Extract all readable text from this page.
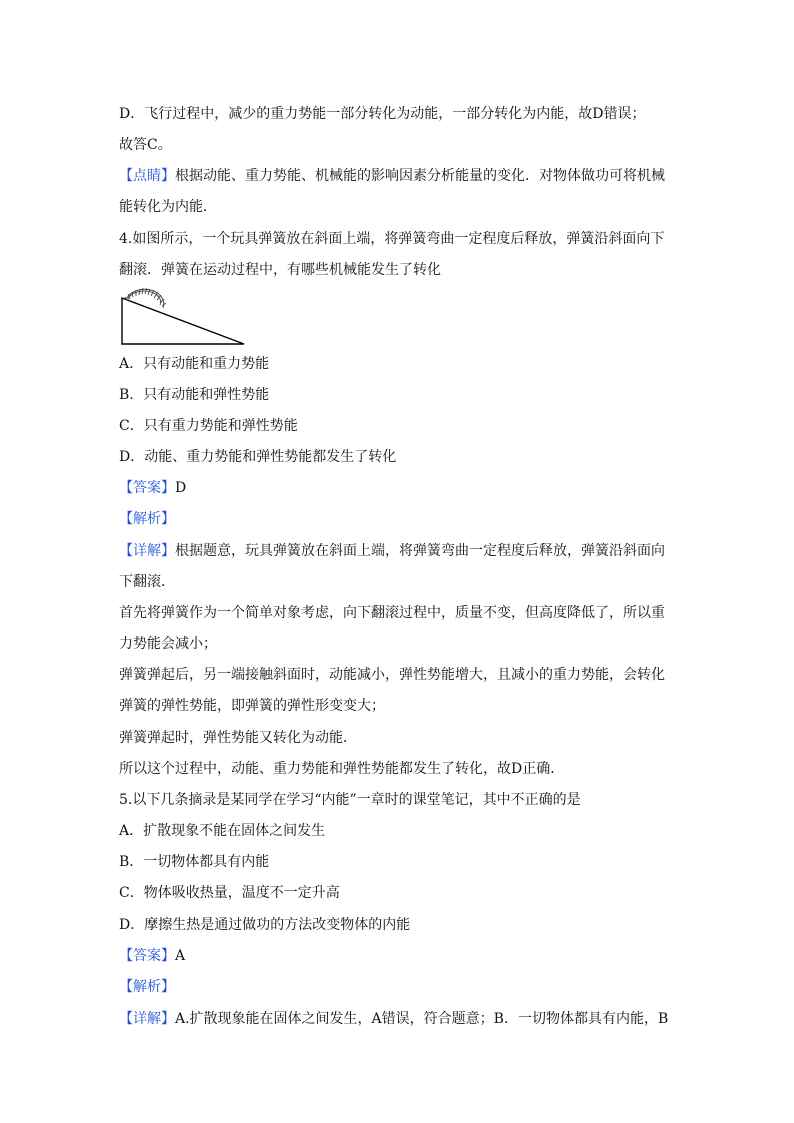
D．飞行过程中，减少的重力势能一部分转化为动能，一部分转化为内能，故D错误；
故答C。
【点睛】根据动能、重力势能、机械能的影响因素分析能量的变化．对物体做功可将机械
能转化为内能．
4.如图所示，一个玩具弹簧放在斜面上端，将弹簧弯曲一定程度后释放，弹簧沿斜面向下
翻滚．弹簧在运动过程中，有哪些机械能发生了转化
A．只有动能和重力势能
B．只有动能和弹性势能
C．只有重力势能和弹性势能
D．动能、重力势能和弹性势能都发生了转化
【答案】D
【解析】
【详解】根据题意，玩具弹簧放在斜面上端，将弹簧弯曲一定程度后释放，弹簧沿斜面向
下翻滚．
首先将弹簧作为一个简单对象考虑，向下翻滚过程中，质量不变，但高度降低了，所以重
力势能会减小；
弹簧弹起后，另一端接触斜面时，动能减小，弹性势能增大，且减小的重力势能，会转化
弹簧的弹性势能，即弹簧的弹性形变变大；
弹簧弹起时，弹性势能又转化为动能．
所以这个过程中，动能、重力势能和弹性势能都发生了转化，故D正确．
5.以下几条摘录是某同学在学习“内能”一章时的课堂笔记，其中不正确的是
A．扩散现象不能在固体之间发生
B．一切物体都具有内能
C．物体吸收热量，温度不一定升高
D．摩擦生热是通过做功的方法改变物体的内能
【答案】A
【解析】
【详解】A.扩散现象能在固体之间发生，A错误，符合题意；B．一切物体都具有内能，B
